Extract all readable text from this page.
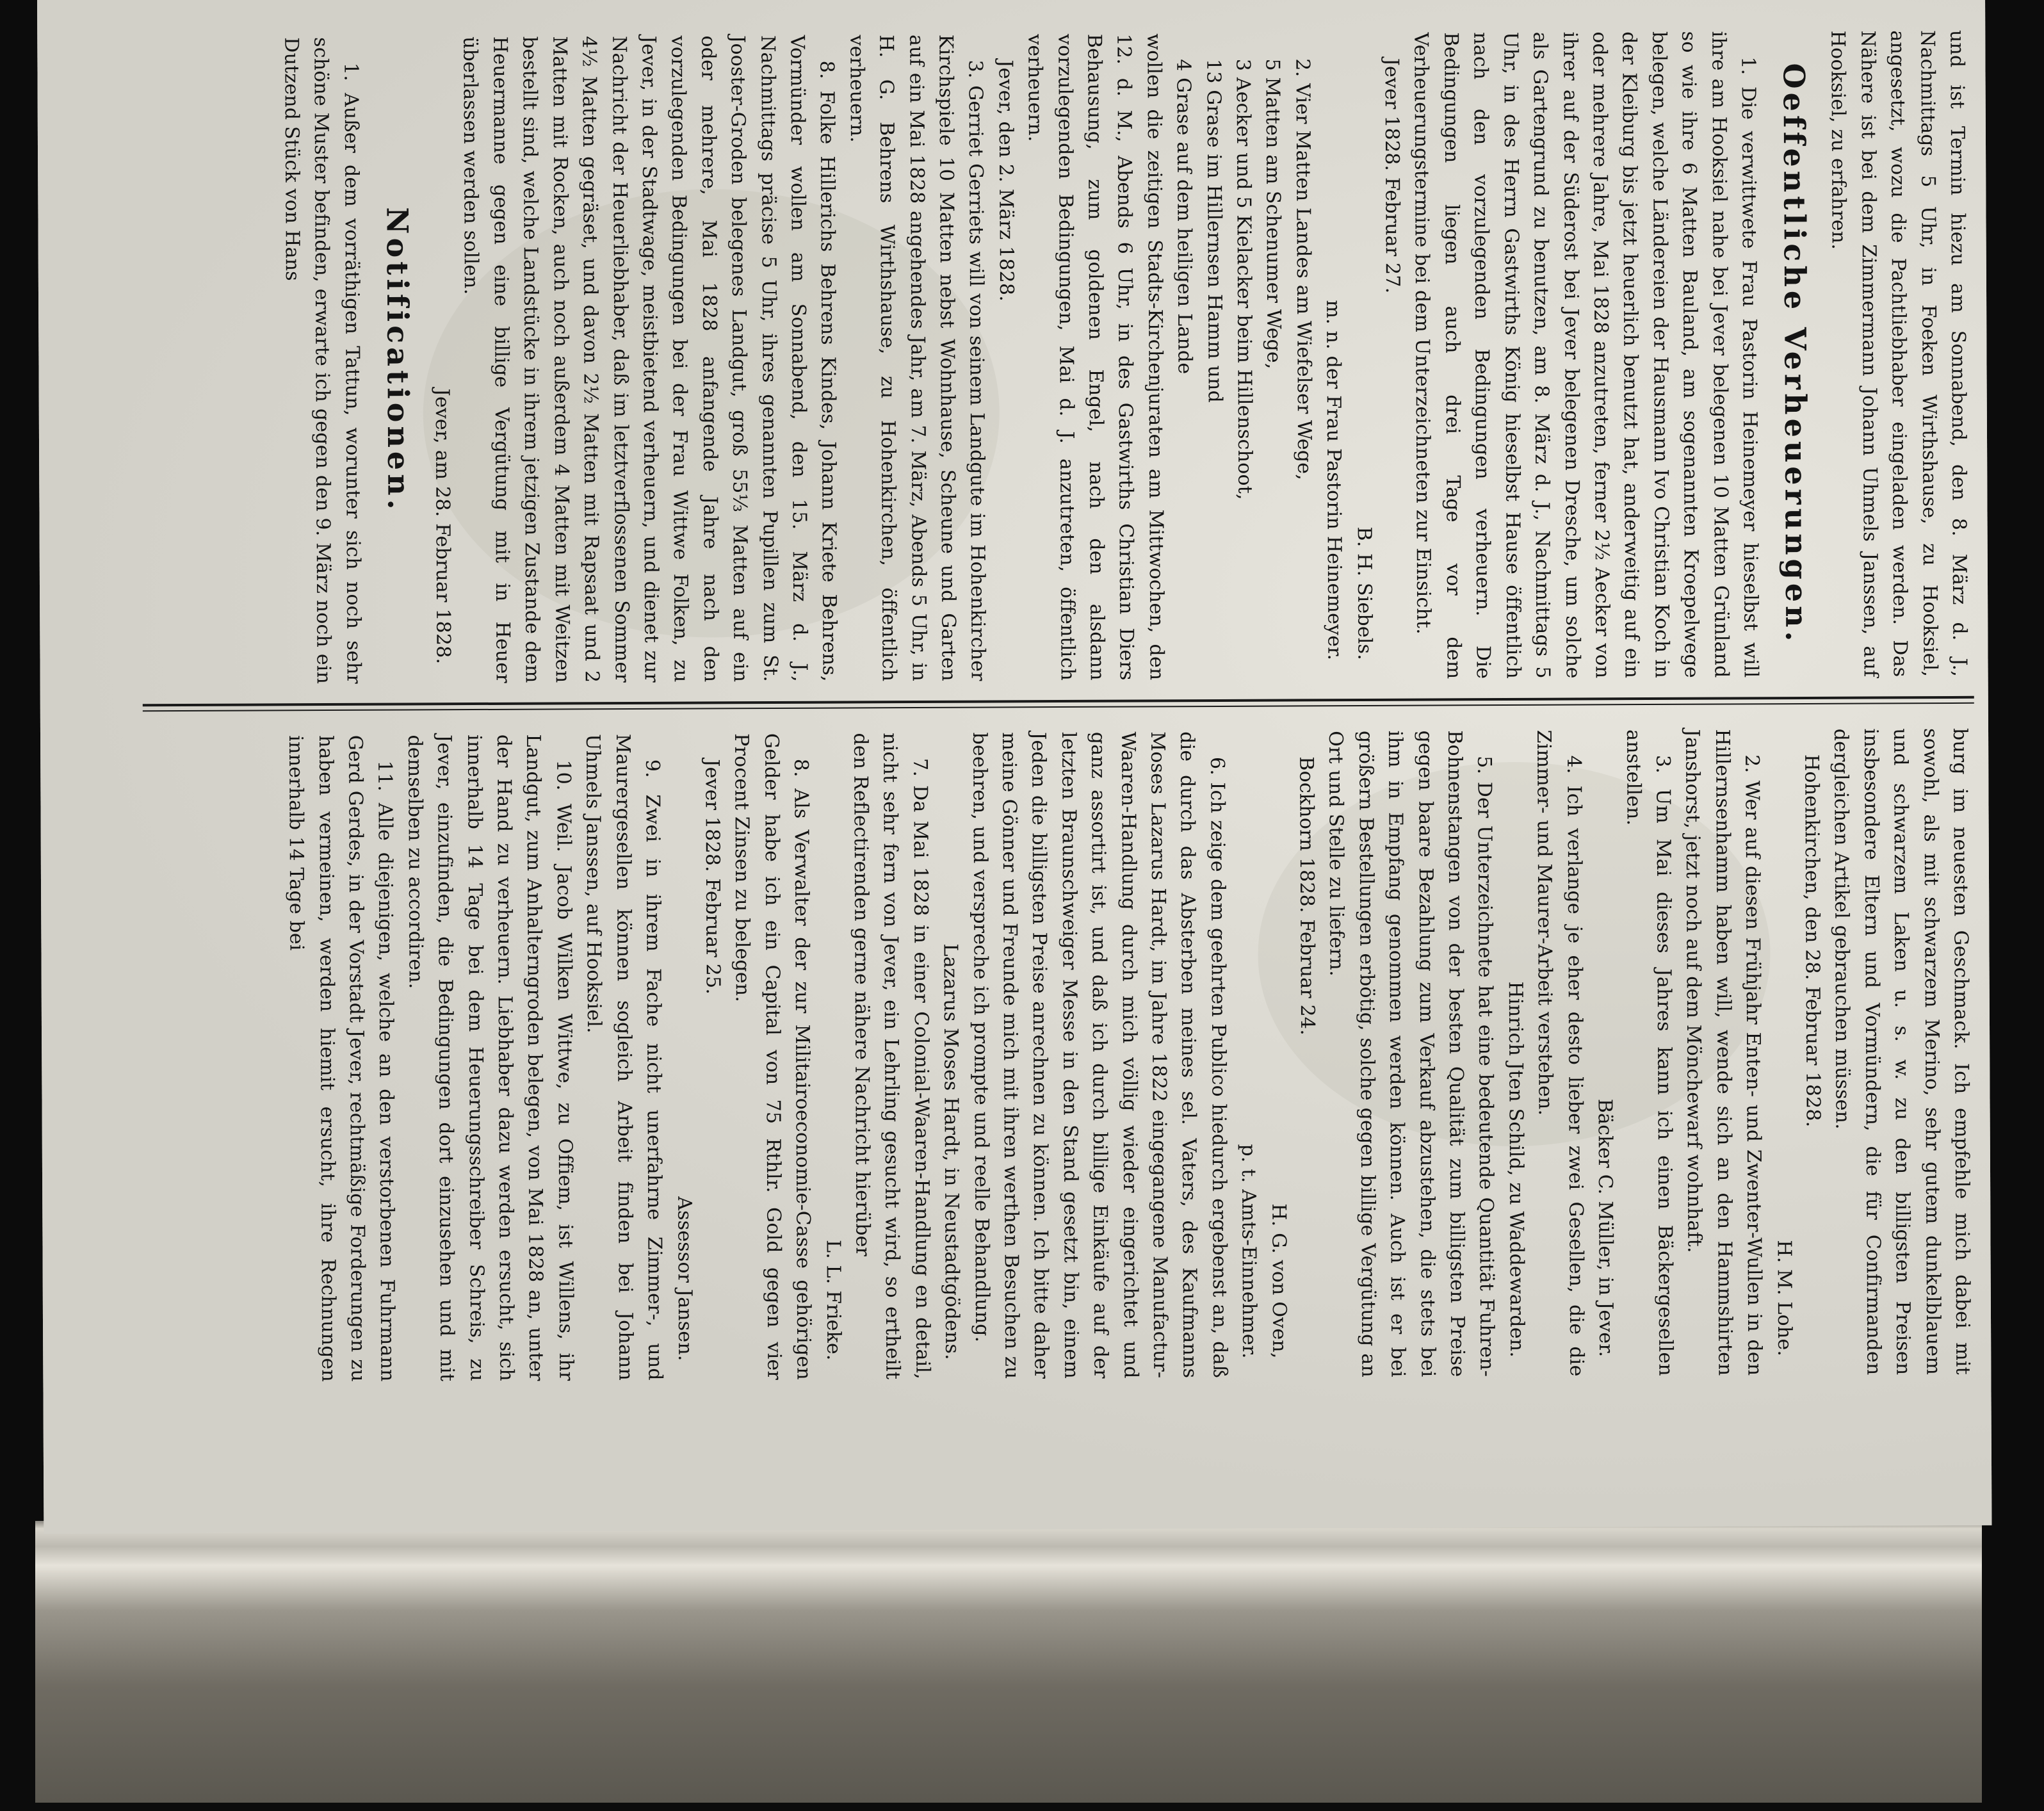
und ist Termin hiezu am Sonnabend, den 8. März d. J., Nachmittags 5 Uhr, in Foeken Wirthshause, zu Hooksiel, angesetzt, wozu die Pachtliebhaber eingeladen werden. Das Nähere ist bei dem Zimmermann Johann Uhmels Janssen, auf Hooksiel, zu erfahren.

Oeffentliche Verheuerungen.

1. Die verwittwete Frau Pastorin Heinemeyer hieselbst will ihre am Hooksiel nahe bei Jever belegenen 10 Matten Grünland so wie ihre 6 Matten Bauland, am sogenannten Kroepelwege belegen, welche Ländereien der Hausmann Ivo Christian Koch in der Kleiburg bis jetzt heuerlich benutzt hat, anderweitig auf ein oder mehrere Jahre, Mai 1828 anzutreten, ferner 2½ Aecker von ihrer auf der Süderost bei Jever belegenen Dresche, um solche als Gartengrund zu benutzen, am 8. März d. J., Nachmittags 5 Uhr, in des Herrn Gastwirths König hieselbst Hause öffentlich nach den vorzulegenden Bedingungen verheuern. Die Bedingungen liegen auch drei Tage vor dem Verheuerungstermine bei dem Unterzeichneten zur Einsicht.

Jever 1828. Februar 27.

B. H. Siebels.

m. n. der Frau Pastorin Heinemeyer.

2. Vier Matten Landes am Wiefelser Wege,

5 Matten am Schenumer Wege,
3 Aecker und 5 Kielacker beim Hillenschoot,
13 Grase im Hillernsen Hamm und
4 Grase auf dem heiligen Lande

wollen die zeitigen Stadts-Kirchenjuraten am Mittwochen, den 12. d. M., Abends 6 Uhr, in des Gastwirths Christian Diers Behausung, zum goldenen Engel, nach den alsdann vorzulegenden Bedingungen, Mai d. J. anzutreten, öffentlich verheuern.

Jever, den 2. März 1828.

3. Gerriet Gerriets will von seinem Landgute im Hohenkircher Kirchspiele 10 Matten nebst Wohnhause, Scheune und Garten auf ein Mai 1828 angehendes Jahr, am 7. März, Abends 5 Uhr, in H. G. Behrens Wirthshause, zu Hohenkirchen, öffentlich verheuern.

8. Folke Hillerichs Behrens Kindes, Johann Kriete Behrens, Vormünder wollen am Sonnabend, den 15. März d. J., Nachmittags präcise 5 Uhr, ihres genannten Pupillen zum St. Jooster-Groden belegenes Landgut, groß 55⅓ Matten auf ein oder mehrere, Mai 1828 anfangende Jahre nach den vorzulegenden Bedingungen bei der Frau Wittwe Folken, zu Jever, in der Stadtwage, meistbietend verheuern, und dienet zur Nachricht der Heuerliebhaber, daß im letztverflossenen Sommer 4½ Matten gegräset, und davon 2½ Matten mit Rapsaat und 2 Matten mit Rocken, auch noch außerdem 4 Matten mit Weitzen bestellt sind, welche Landstücke in ihrem jetzigen Zustande dem Heuermanne gegen eine billige Vergütung mit in Heuer überlassen werden sollen.

Jever, am 28. Februar 1828.

Notificationen.

1. Außer dem vorräthigen Tattun, worunter sich noch sehr schöne Muster befinden, erwarte ich gegen den 9. März noch ein Dutzend Stück von Hans

burg im neuesten Geschmack. Ich empfehle mich dabei mit sowohl, als mit schwarzem Merino, sehr gutem dunkelblauem und schwarzem Laken u. s. w. zu den billigsten Preisen insbesondere Eltern und Vormündern, die für Confirmanden dergleichen Artikel gebrauchen müssen.

Hohenkirchen, den 28. Februar 1828.

H. M. Lohe.

2. Wer auf diesen Frühjahr Enten- und Zwenter-Wullen in den Hillernsenhamm haben will, wende sich an den Hammshirten Janshorst, jetzt noch auf dem Mönchewarf wohnhaft.

3. Um Mai dieses Jahres kann ich einen Bäckergesellen anstellen.

Bäcker C. Müller, in Jever.

4. Ich verlange je eher desto lieber zwei Gesellen, die die Zimmer- und Maurer-Arbeit verstehen.

Hinrich Jten Schild, zu Waddewarden.

5. Der Unterzeichnete hat eine bedeutende Quantität Fuhren-Bohnenstangen von der besten Qualität zum billigsten Preise gegen baare Bezahlung zum Verkauf abzustehen, die stets bei ihm in Empfang genommen werden können. Auch ist er bei größern Bestellungen erbötig, solche gegen billige Vergütung an Ort und Stelle zu liefern.

Bockhorn 1828. Februar 24.

H. G. von Oven,

p. t. Amts-Einnehmer.

6. Ich zeige dem geehrten Publico hiedurch ergebenst an, daß die durch das Absterben meines sel. Vaters, des Kaufmanns Moses Lazarus Hardt, im Jahre 1822 eingegangene Manufactur-Waaren-Handlung durch mich völlig wieder eingerichtet und ganz assortirt ist, und daß ich durch billige Einkäufe auf der letzten Braunschweiger Messe in den Stand gesetzt bin, einem Jeden die billigsten Preise anrechnen zu können. Ich bitte daher meine Gönner und Freunde mich mit ihren werthen Besuchen zu beehren, und verspreche ich prompte und reelle Behandlung.

Lazarus Moses Hardt, in Neustadtgödens.

7. Da Mai 1828 in einer Colonial-Waaren-Handlung en detail, nicht sehr fern von Jever, ein Lehrling gesucht wird, so ertheilt den Reflectirenden gerne nähere Nachricht hierüber

L. L. Frieke.

8. Als Verwalter der zur Militairoeconomie-Casse gehörigen Gelder habe ich ein Capital von 75 Rthlr. Gold gegen vier Procent Zinsen zu belegen.

Jever 1828. Februar 25.

Assessor Jansen.

9. Zwei in ihrem Fache nicht unerfahrne Zimmer-, und Maurergesellen können sogleich Arbeit finden bei Johann Uhmels Janssen, auf Hooksiel.

10. Weil. Jacob Wilken Wittwe, zu Offiem, ist Willens, ihr Landgut, zum Anhalterngroden belegen, von Mai 1828 an, unter der Hand zu verheuern. Liebhaber dazu werden ersucht, sich innerhalb 14 Tage bei dem Heuerungsschreiber Schreis, zu Jever, einzufinden, die Bedingungen dort einzusehen und mit demselben zu accordiren.

11. Alle diejenigen, welche an den verstorbenen Fuhrmann Gerd Gerdes, in der Vorstadt Jever, rechtmäßige Forderungen zu haben vermeinen, werden hiemit ersucht, ihre Rechnungen innerhalb 14 Tage bei
